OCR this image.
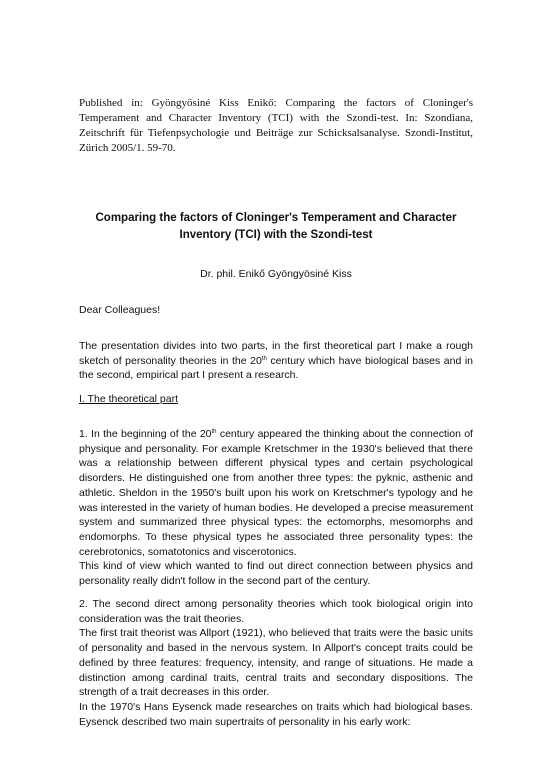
Published in: Gyöngyösiné Kiss Enikő: Comparing the factors of Cloninger's Temperament and Character Inventory (TCI) with the Szondi-test. In: Szondiana, Zeitschrift für Tiefenpsychologie und Beiträge zur Schicksalsanalyse. Szondi-Institut, Zürich 2005/1. 59-70.

Comparing the factors of Cloninger's Temperament and Character
Inventory (TCI) with the Szondi-test
Dr. phil. Enikő Gyöngyösiné Kiss
Dear Colleagues!

The presentation divides into two parts, in the first theoretical part I make a rough sketch of personality theories in the 20th century which have biological bases and in the second, empirical part I present a research.

I. The theoretical part

1. In the beginning of the 20th century appeared the thinking about the connection of physique and personality. For example Kretschmer in the 1930's believed that there was a relationship between different physical types and certain psychological disorders. He distinguished one from another three types: the pyknic, asthenic and athletic. Sheldon in the 1950's built upon his work on Kretschmer's typology and he was interested in the variety of human bodies. He developed a precise measurement system and summarized three physical types: the ectomorphs, mesomorphs and endomorphs. To these physical types he associated three personality types: the cerebrotonics, somatotonics and viscerotonics.

This kind of view which wanted to find out direct connection between physics and personality really didn't follow in the second part of the century.

2. The second direct among personality theories which took biological origin into consideration was the trait theories.

The first trait theorist was Allport (1921), who believed that traits were the basic units of personality and based in the nervous system. In Allport's concept traits could be defined by three features: frequency, intensity, and range of situations. He made a distinction among cardinal traits, central traits and secondary dispositions. The strength of a trait decreases in this order.

In the 1970's Hans Eysenck made researches on traits which had biological bases. Eysenck described two main supertraits of personality in his early work:
